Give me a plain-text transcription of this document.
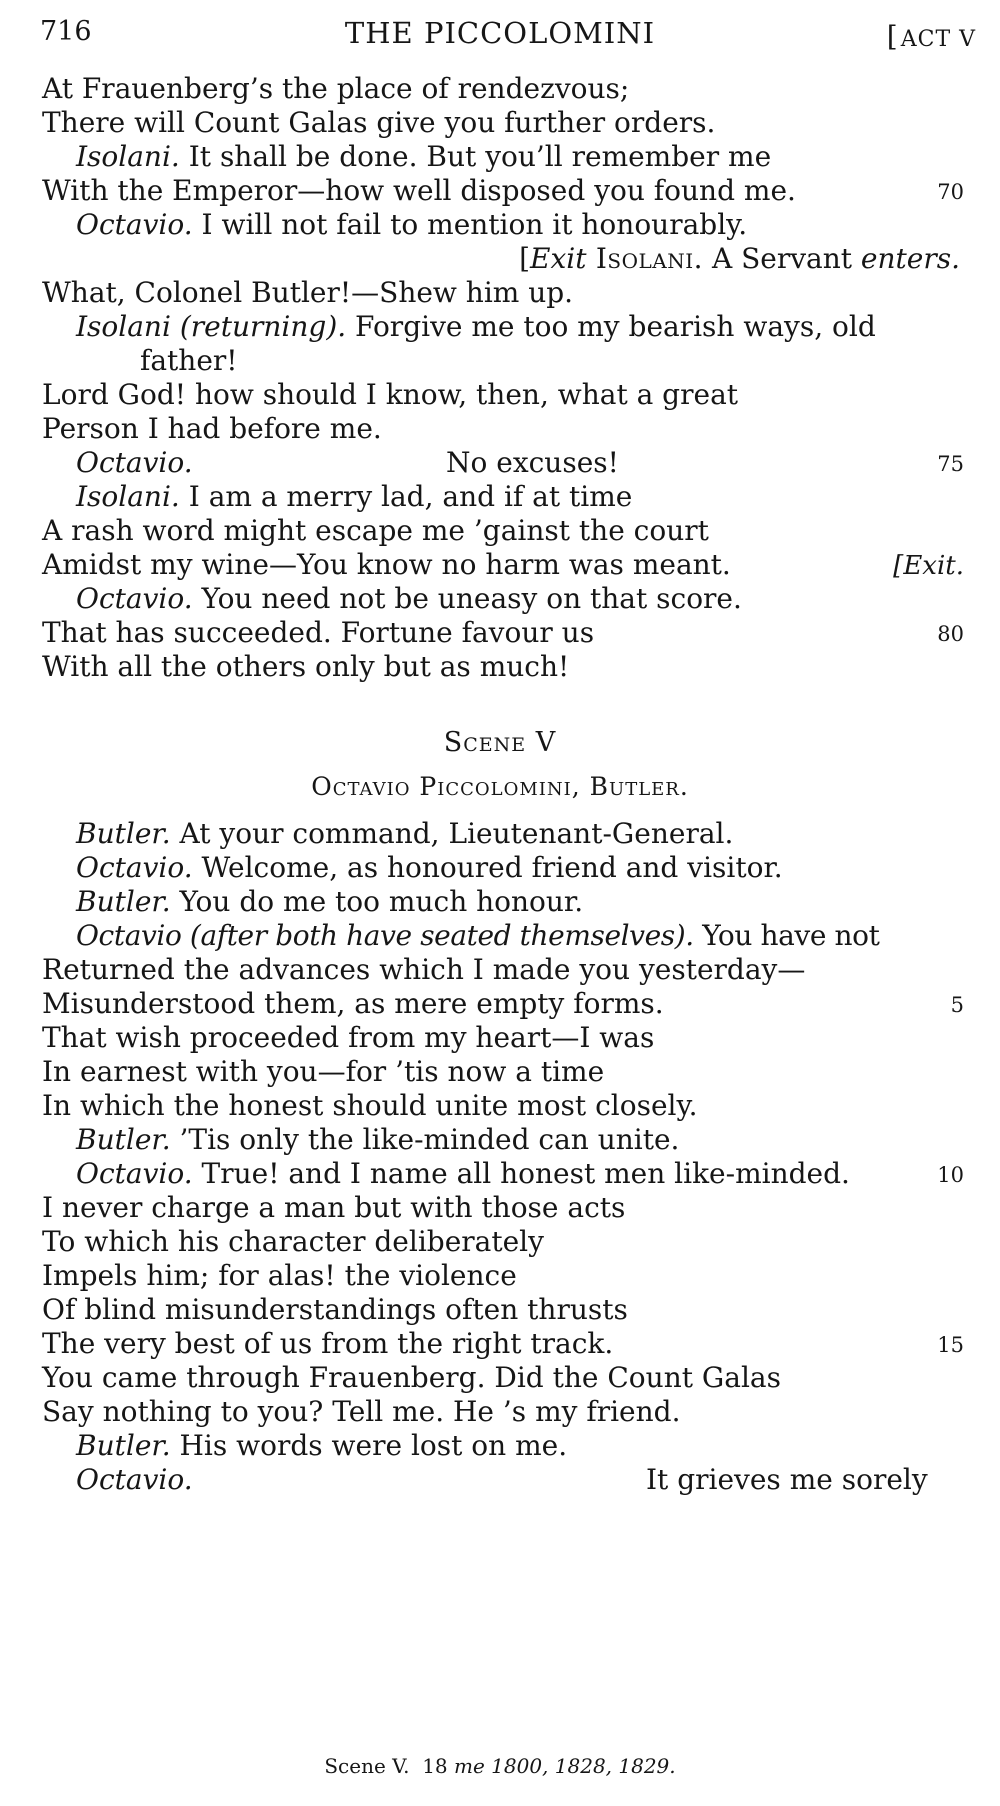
716	THE PICCOLOMINI	[ACT V
At Frauenberg’s the place of rendezvous;
There will Count Galas give you further orders.
Isolani. It shall be done. But you’ll remember me
With the Emperor—how well disposed you found me.	70
Octavio. I will not fail to mention it honourably.
[Exit Isolani. A Servant enters.
What, Colonel Butler!—Shew him up.
Isolani (returning). Forgive me too my bearish ways, old
father!
Lord God! how should I know, then, what a great
Person I had before me.
Octavio.	No excuses!	75
Isolani. I am a merry lad, and if at time
A rash word might escape me ’gainst the court
Amidst my wine—You know no harm was meant.	[Exit.
Octavio. You need not be uneasy on that score.
That has succeeded. Fortune favour us	80
With all the others only but as much!
Scene V
Octavio Piccolomini, Butler.
Butler. At your command, Lieutenant-General.
Octavio. Welcome, as honoured friend and visitor.
Butler. You do me too much honour.
Octavio (after both have seated themselves). You have not
Returned the advances which I made you yesterday—
Misunderstood them, as mere empty forms.	5
That wish proceeded from my heart—I was
In earnest with you—for ’tis now a time
In which the honest should unite most closely.
Butler. ’Tis only the like-minded can unite.
Octavio. True! and I name all honest men like-minded.	10
I never charge a man but with those acts
To which his character deliberately
Impels him; for alas! the violence
Of blind misunderstandings often thrusts
The very best of us from the right track.	15
You came through Frauenberg. Did the Count Galas
Say nothing to you? Tell me. He ’s my friend.
Butler. His words were lost on me.
Octavio.	It grieves me sorely
Scene V. 18 me 1800, 1828, 1829.
